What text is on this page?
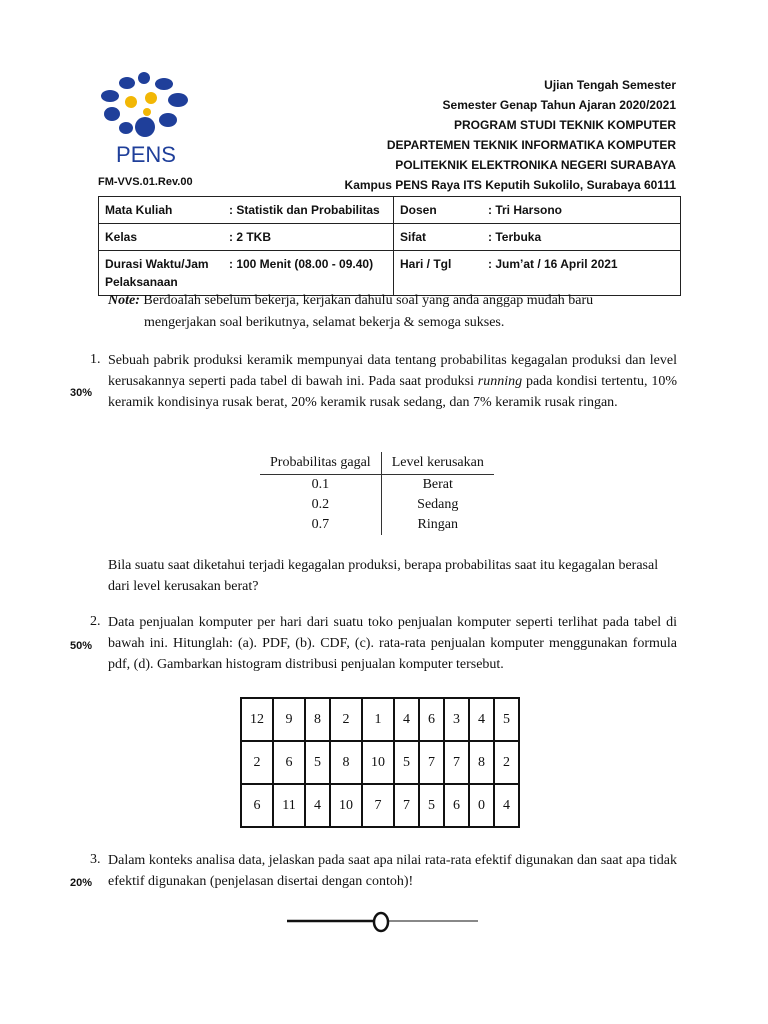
PENS
Ujian Tengah Semester
Semester Genap Tahun Ajaran 2020/2021
PROGRAM STUDI TEKNIK KOMPUTER
DEPARTEMEN TEKNIK INFORMATIKA KOMPUTER
POLITEKNIK ELEKTRONIKA NEGERI SURABAYA
Kampus PENS Raya ITS Keputih Sukolilo, Surabaya 60111
FM-VVS.01.Rev.00
Mata Kuliah	: Statistik dan Probabilitas	Dosen	: Tri Harsono
Kelas	: 2 TKB	Sifat	: Terbuka
Durasi Waktu/Jam Pelaksanaan	: 100 Menit (08.00 - 09.40)	Hari / Tgl	: Jum’at / 16 April 2021
Note: Berdoalah sebelum bekerja, kerjakan dahulu soal yang anda anggap mudah baru
mengerjakan soal berikutnya, selamat bekerja & semoga sukses.
1.
30%
Sebuah pabrik produksi keramik mempunyai data tentang probabilitas kegagalan produksi dan level kerusakannya seperti pada tabel di bawah ini. Pada saat produksi running pada kondisi tertentu, 10% keramik kondisinya rusak berat, 20% keramik rusak sedang, dan 7% keramik rusak ringan.
Probabilitas gagal	Level kerusakan
0.1	Berat
0.2	Sedang
0.7	Ringan
Bila suatu saat diketahui terjadi kegagalan produksi, berapa probabilitas saat itu kegagalan berasal dari level kerusakan berat?
2.
50%
Data penjualan komputer per hari dari suatu toko penjualan komputer seperti terlihat pada tabel di bawah ini. Hitunglah: (a). PDF, (b). CDF, (c). rata-rata penjualan komputer menggunakan formula pdf, (d). Gambarkan histogram distribusi penjualan komputer tersebut.
12	9	8	2	1	4	6	3	4	5
2	6	5	8	10	5	7	7	8	2
6	11	4	10	7	7	5	6	0	4
3.
20%
Dalam konteks analisa data, jelaskan pada saat apa nilai rata-rata efektif digunakan dan saat apa tidak efektif digunakan (penjelasan disertai dengan contoh)!
